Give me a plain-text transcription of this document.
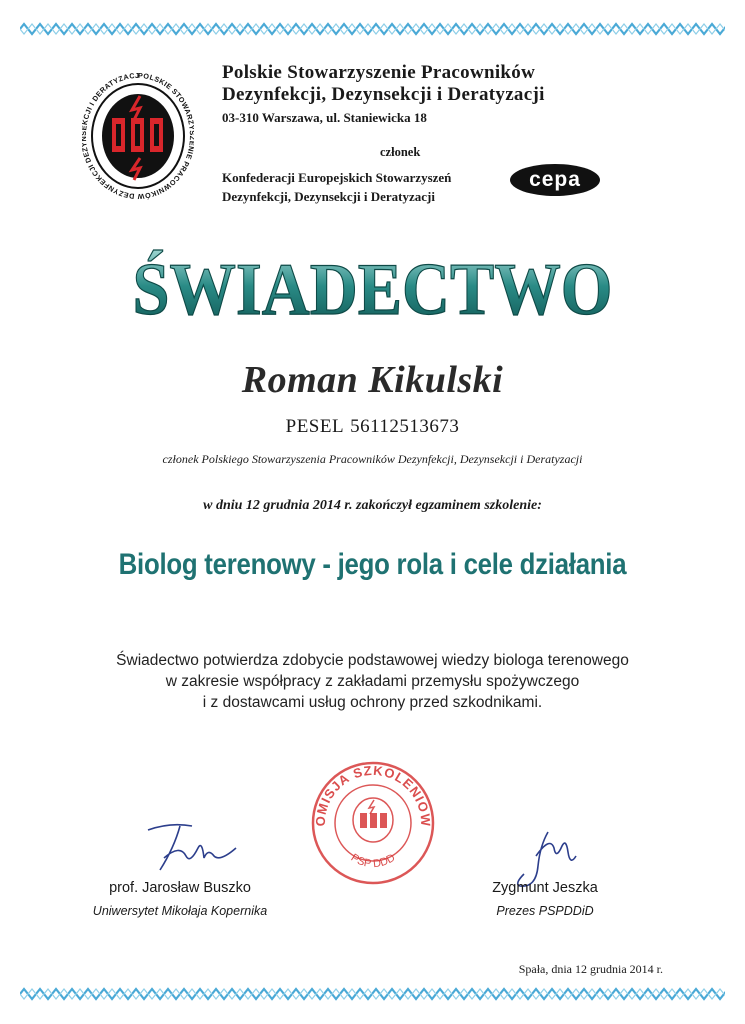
POLSKIE STOWAR IE PRACOWNIKÓW DEZYNFEKCJI DE CJI I DERATYZACJ	Polskie Stowarzyszenie Pracowników
Dezynfekcji, Dezynsekcji i Deratyzacji
03-310 Warszawa, ul. Staniewicka 18
członek
Konfederacji Europejskich Stowarzyszeń
Dezynfekcji, Dezynsekcji i Deratyzacji
cepa
ŚWIADECTWO
Roman Kikulski
PESEL 56112513673
członek Polskiego Stowarzyszenia Pracowników Dezynfekcji, Dezynsekcji i Deratyzacji
w dniu 12 grudnia 2014 r. zakończył egzaminem szkolenie:
Biolog terenowy - jego rola i cele działania
Świadectwo potwierdza zdobycie podstawowej wiedzy biologa terenowego
w zakresie współpracy z zakładami przemysłu spożywczego
i z dostawcami usług ochrony przed szkodnikami.
OMISJA SZKOLENIOW
PSP DDD
prof. Jarosław Buszko
Uniwersytet Mikołaja Kopernika
Zygmunt Jeszka
Prezes PSPDDiD
Spała, dnia 12 grudnia 2014 r.
